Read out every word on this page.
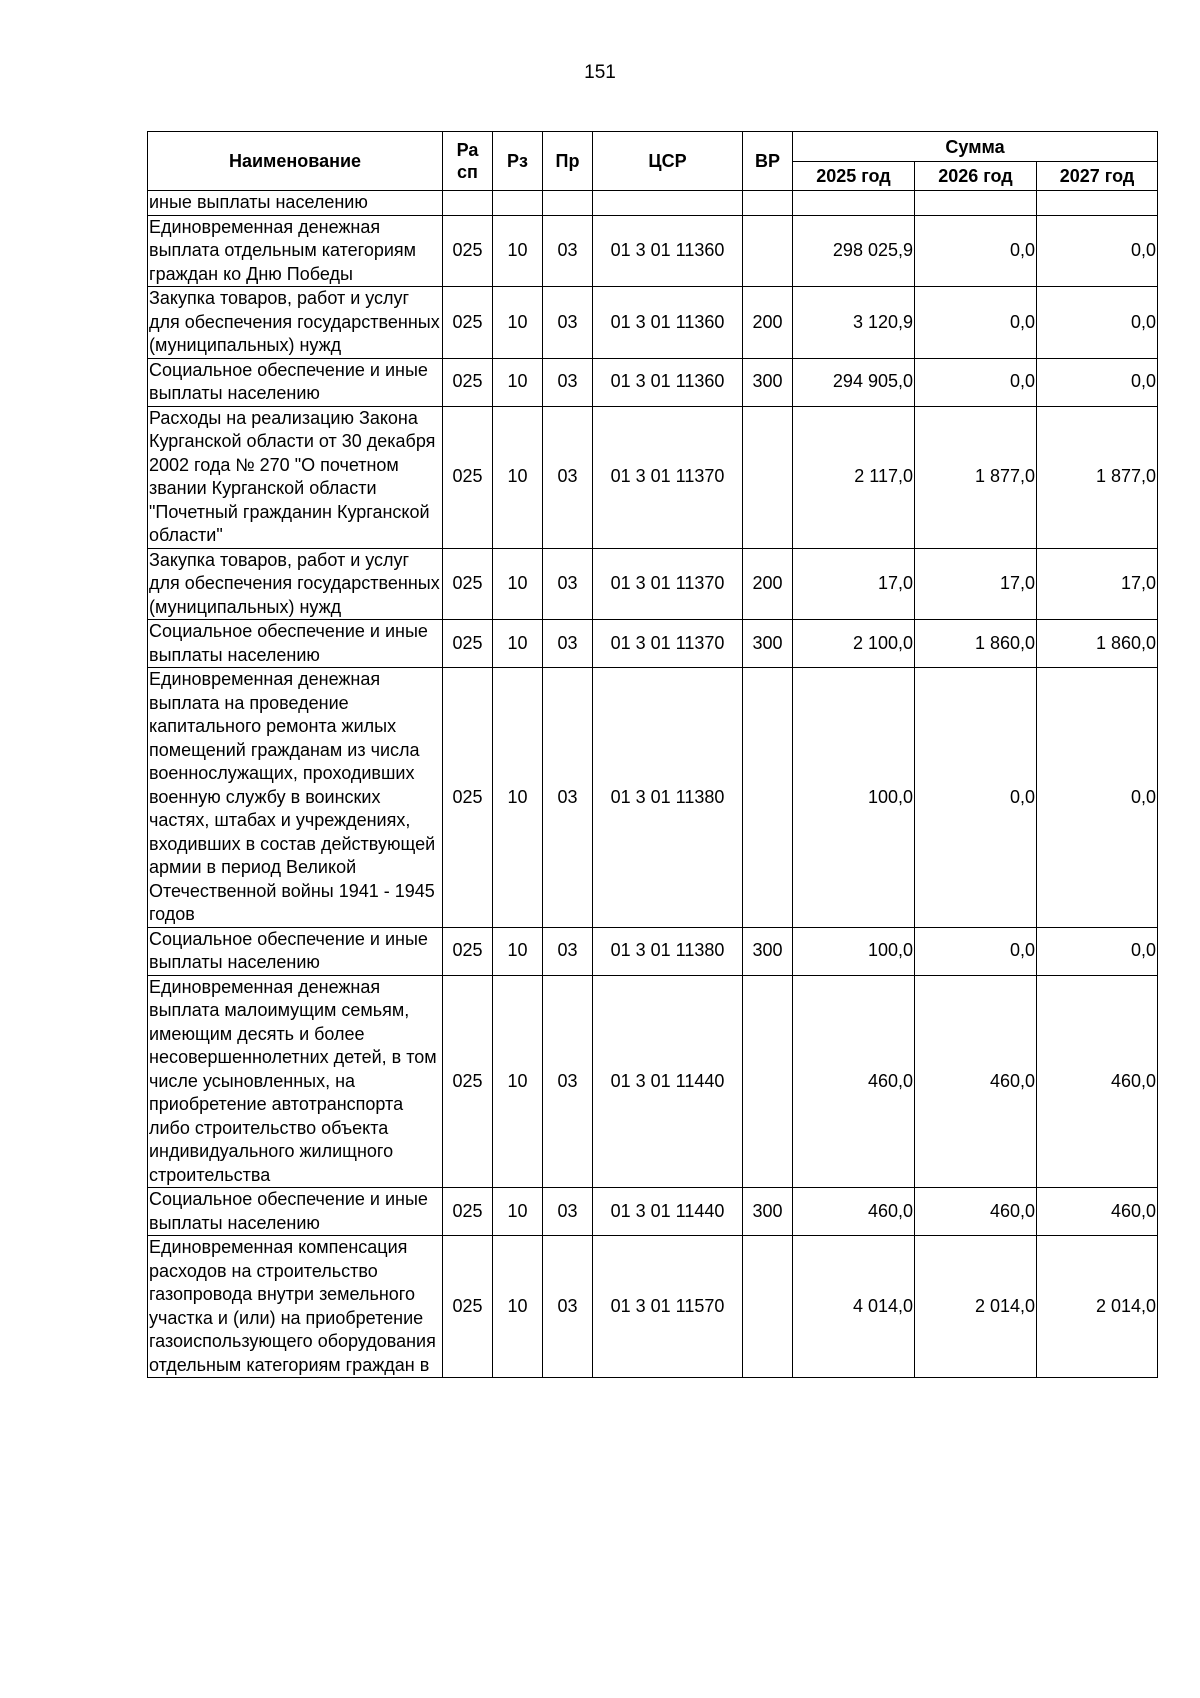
151
Наименование	Ра сп	Рз	Пр	ЦСР	ВР	Сумма		
						2025 год	2026 год	2027 год
иные выплаты населению								
Единовременная денежная выплата отдельным категориям граждан ко Дню Победы	025	10	03	01 3 01 11360		298 025,9	0,0	0,0
Закупка товаров, работ и услуг для обеспечения государственных (муниципальных) нужд	025	10	03	01 3 01 11360	200	3 120,9	0,0	0,0
Социальное обеспечение и иные выплаты населению	025	10	03	01 3 01 11360	300	294 905,0	0,0	0,0
Расходы на реализацию Закона Курганской области от 30 декабря 2002 года № 270 "О почетном звании Курганской области "Почетный гражданин Курганской области"	025	10	03	01 3 01 11370		2 117,0	1 877,0	1 877,0
Закупка товаров, работ и услуг для обеспечения государственных (муниципальных) нужд	025	10	03	01 3 01 11370	200	17,0	17,0	17,0
Социальное обеспечение и иные выплаты населению	025	10	03	01 3 01 11370	300	2 100,0	1 860,0	1 860,0
Единовременная денежная выплата на проведение капитального ремонта жилых помещений гражданам из числа военнослужащих, проходивших военную службу в воинских частях, штабах и учреждениях, входивших в состав действующей армии в период Великой Отечественной войны 1941 - 1945 годов	025	10	03	01 3 01 11380		100,0	0,0	0,0
Социальное обеспечение и иные выплаты населению	025	10	03	01 3 01 11380	300	100,0	0,0	0,0
Единовременная денежная выплата малоимущим семьям, имеющим десять и более несовершеннолетних детей, в том числе усыновленных, на приобретение автотранспорта либо строительство объекта индивидуального жилищного строительства	025	10	03	01 3 01 11440		460,0	460,0	460,0
Социальное обеспечение и иные выплаты населению	025	10	03	01 3 01 11440	300	460,0	460,0	460,0
Единовременная компенсация расходов на строительство газопровода внутри земельного участка и (или) на приобретение газоиспользующего оборудования отдельным категориям граждан в	025	10	03	01 3 01 11570		4 014,0	2 014,0	2 014,0
